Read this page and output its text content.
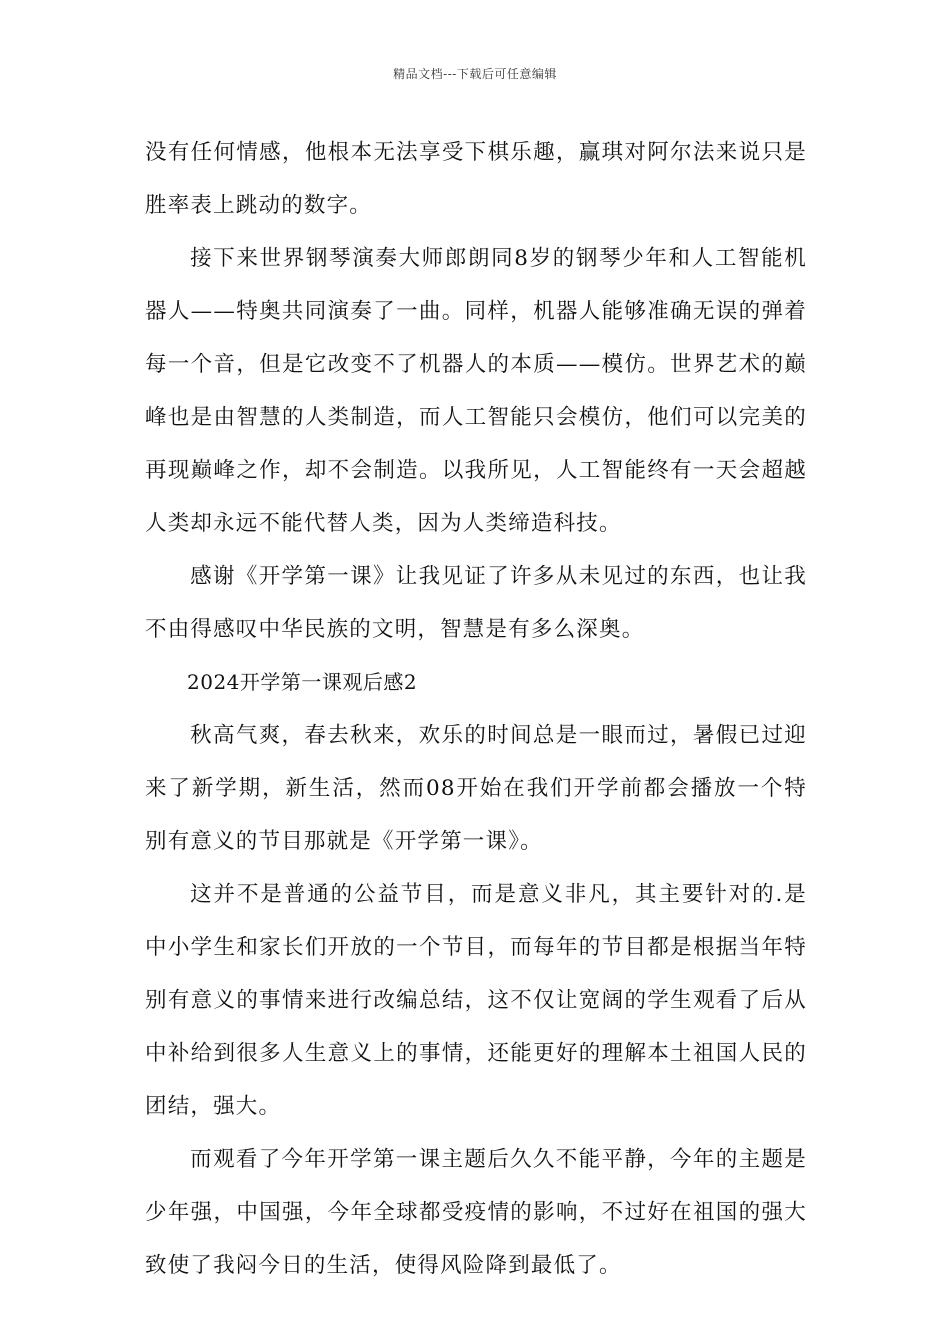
精品文档---下载后可任意编辑

没有任何情感，他根本无法享受下棋乐趣，赢琪对阿尔法来说只是胜率表上跳动的数字。

接下来世界钢琴演奏大师郎朗同8岁的钢琴少年和人工智能机器人——特奥共同演奏了一曲。同样，机器人能够准确无误的弹着每一个音，但是它改变不了机器人的本质——模仿。世界艺术的巅峰也是由智慧的人类制造，而人工智能只会模仿，他们可以完美的再现巅峰之作，却不会制造。以我所见，人工智能终有一天会超越人类却永远不能代替人类，因为人类缔造科技。

感谢《开学第一课》让我见证了许多从未见过的东西，也让我不由得感叹中华民族的文明，智慧是有多么深奥。

2024开学第一课观后感2

秋高气爽，春去秋来，欢乐的时间总是一眼而过，暑假已过迎来了新学期，新生活，然而08开始在我们开学前都会播放一个特别有意义的节目那就是《开学第一课》。

这并不是普通的公益节目，而是意义非凡，其主要针对的.是中小学生和家长们开放的一个节目，而每年的节目都是根据当年特别有意义的事情来进行改编总结，这不仅让宽阔的学生观看了后从中补给到很多人生意义上的事情，还能更好的理解本土祖国人民的团结，强大。

而观看了今年开学第一课主题后久久不能平静，今年的主题是少年强，中国强，今年全球都受疫情的影响，不过好在祖国的强大致使了我闷今日的生活，使得风险降到最低了。
